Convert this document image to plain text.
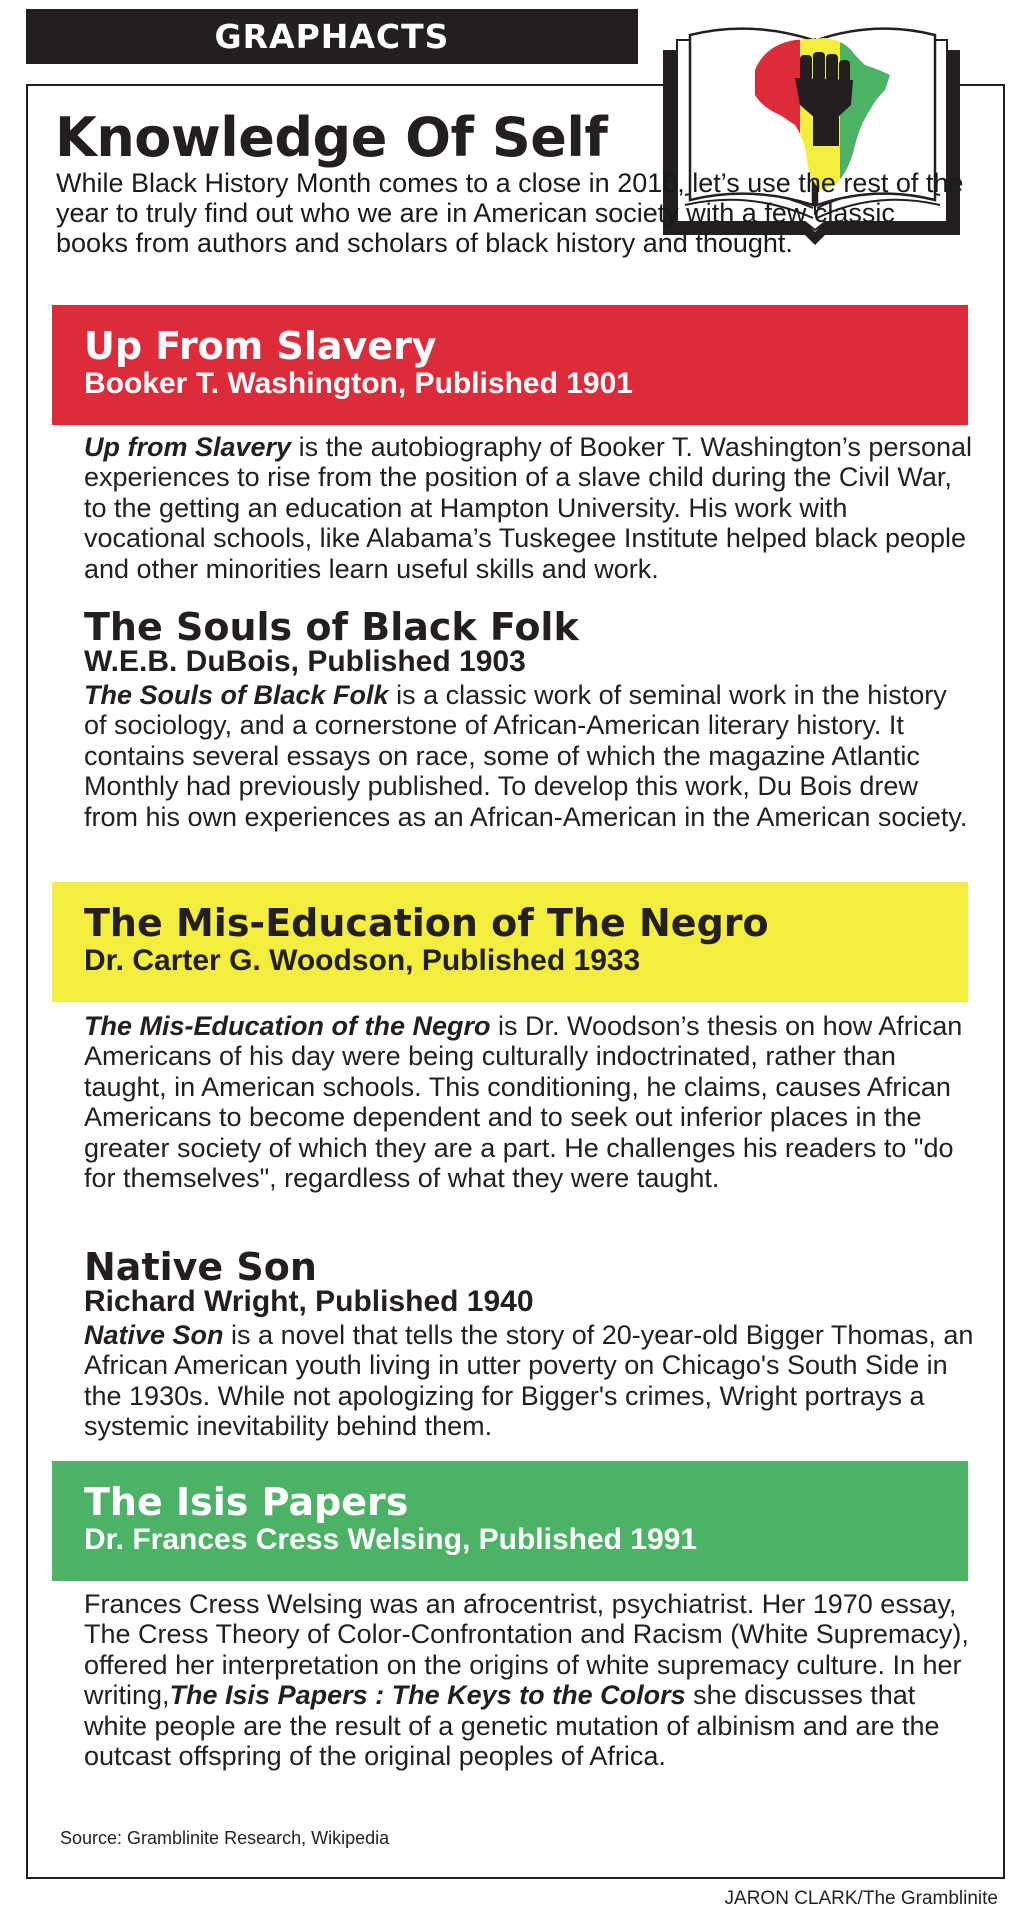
GRAPHACTS
Knowledge Of Self
While Black History Month comes to a close in 2016, let’s use the rest of the year to truly find out who we are in American society with a few classic books from authors and scholars of black history and thought.
Up From Slavery
Booker T. Washington, Published 1901
Up from Slavery is the autobiography of Booker T. Washington’s personal experiences to rise from the position of a slave child during the Civil War, to the getting an education at Hampton University. His work with vocational schools, like Alabama’s Tuskegee Institute helped black people and other minorities learn useful skills and work.
The Souls of Black Folk
W.E.B. DuBois, Published 1903
The Souls of Black Folk is a classic work of seminal work in the history of sociology, and a cornerstone of African-American literary history. It contains several essays on race, some of which the magazine Atlantic Monthly had previously published. To develop this work, Du Bois drew from his own experiences as an African-American in the American society.
The Mis-Education of The Negro
Dr. Carter G. Woodson, Published 1933
The Mis-Education of the Negro is Dr. Woodson’s thesis on how African Americans of his day were being culturally indoctrinated, rather than taught, in American schools. This conditioning, he claims, causes African Americans to become dependent and to seek out inferior places in the greater society of which they are a part. He challenges his readers to "do for themselves", regardless of what they were taught.
Native Son
Richard Wright, Published 1940
Native Son is a novel that tells the story of 20-year-old Bigger Thomas, an African American youth living in utter poverty on Chicago's South Side in the 1930s. While not apologizing for Bigger's crimes, Wright portrays a systemic inevitability behind them.
The Isis Papers
Dr. Frances Cress Welsing, Published 1991
Frances Cress Welsing was an afrocentrist, psychiatrist. Her 1970 essay, The Cress Theory of Color-Confrontation and Racism (White Supremacy), offered her interpretation on the origins of white supremacy culture. In her writing,The Isis Papers : The Keys to the Colors she discusses that white people are the result of a genetic mutation of albinism and are the outcast offspring of the original peoples of Africa.
Source: Gramblinite Research, Wikipedia
JARON CLARK/The Gramblinite
